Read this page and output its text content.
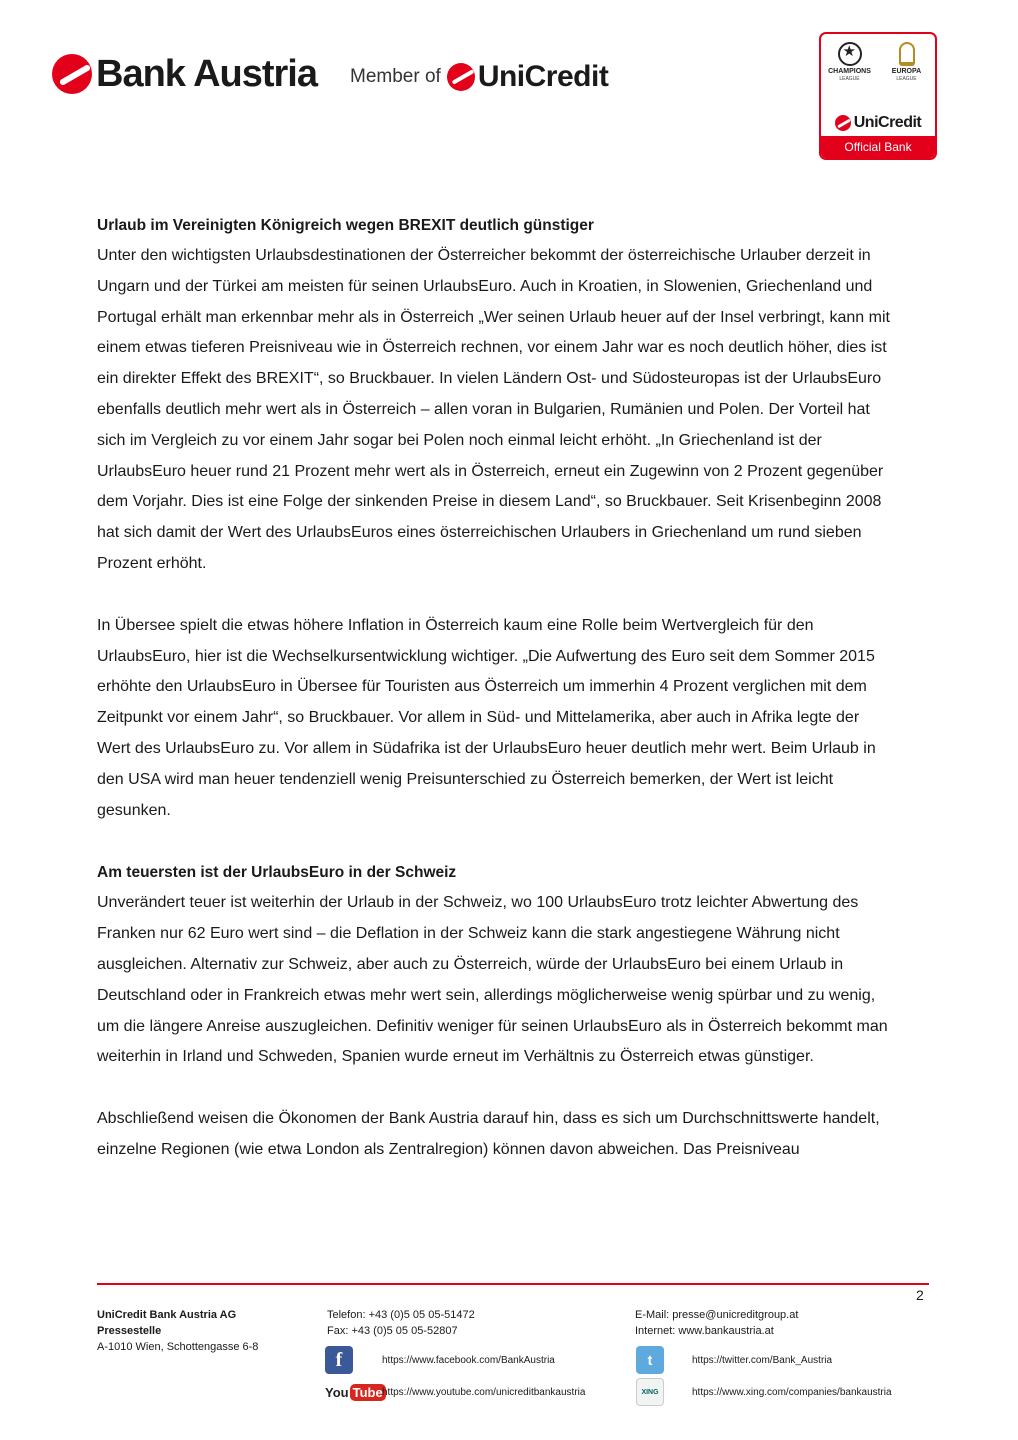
Bank Austria Member of UniCredit
★	CHAMPIONS
LEAGUE
EUROPA
LEAGUE
UniCredit
Official Bank

Urlaub im Vereinigten Königreich wegen BREXIT deutlich günstiger

Unter den wichtigsten Urlaubsdestinationen der Österreicher bekommt der österreichische Urlauber derzeit in Ungarn und der Türkei am meisten für seinen UrlaubsEuro. Auch in Kroatien, in Slowenien, Griechenland und Portugal erhält man erkennbar mehr als in Österreich „Wer seinen Urlaub heuer auf der Insel verbringt, kann mit einem etwas tieferen Preisniveau wie in Österreich rechnen, vor einem Jahr war es noch deutlich höher, dies ist ein direkter Effekt des BREXIT“, so Bruckbauer. In vielen Ländern Ost- und Südosteuropas ist der UrlaubsEuro ebenfalls deutlich mehr wert als in Österreich – allen voran in Bulgarien, Rumänien und Polen. Der Vorteil hat sich im Vergleich zu vor einem Jahr sogar bei Polen noch einmal leicht erhöht. „In Griechenland ist der UrlaubsEuro heuer rund 21 Prozent mehr wert als in Österreich, erneut ein Zugewinn von 2 Prozent gegenüber dem Vorjahr. Dies ist eine Folge der sinkenden Preise in diesem Land“, so Bruckbauer. Seit Krisenbeginn 2008 hat sich damit der Wert des UrlaubsEuros eines österreichischen Urlaubers in Griechenland um rund sieben Prozent erhöht.

In Übersee spielt die etwas höhere Inflation in Österreich kaum eine Rolle beim Wertvergleich für den UrlaubsEuro, hier ist die Wechselkursentwicklung wichtiger. „Die Aufwertung des Euro seit dem Sommer 2015 erhöhte den UrlaubsEuro in Übersee für Touristen aus Österreich um immerhin 4 Prozent verglichen mit dem Zeitpunkt vor einem Jahr“, so Bruckbauer. Vor allem in Süd- und Mittelamerika, aber auch in Afrika legte der Wert des UrlaubsEuro zu. Vor allem in Südafrika ist der UrlaubsEuro heuer deutlich mehr wert. Beim Urlaub in den USA wird man heuer tendenziell wenig Preisunterschied zu Österreich bemerken, der Wert ist leicht gesunken.

Am teuersten ist der UrlaubsEuro in der Schweiz

Unverändert teuer ist weiterhin der Urlaub in der Schweiz, wo 100 UrlaubsEuro trotz leichter Abwertung des Franken nur 62 Euro wert sind – die Deflation in der Schweiz kann die stark angestiegene Währung nicht ausgleichen. Alternativ zur Schweiz, aber auch zu Österreich, würde der UrlaubsEuro bei einem Urlaub in Deutschland oder in Frankreich etwas mehr wert sein, allerdings möglicherweise wenig spürbar und zu wenig, um die längere Anreise auszugleichen. Definitiv weniger für seinen UrlaubsEuro als in Österreich bekommt man weiterhin in Irland und Schweden, Spanien wurde erneut im Verhältnis zu Österreich etwas günstiger.

Abschließend weisen die Ökonomen der Bank Austria darauf hin, dass es sich um Durchschnittswerte handelt, einzelne Regionen (wie etwa London als Zentralregion) können davon abweichen. Das Preisniveau

2
UniCredit Bank Austria AG
Pressestelle
A-1010 Wien, Schottengasse 6-8
Telefon: +43 (0)5 05 05-51472
Fax: +43 (0)5 05 05-52807
E-Mail: presse@unicreditgroup.at
Internet: www.bankaustria.at
f	https://www.facebook.com/BankAustria	t	https://twitter.com/Bank_Austria
You Tube https://www.youtube.com/unicreditbankaustria	XING	https://www.xing.com/companies/bankaustria
